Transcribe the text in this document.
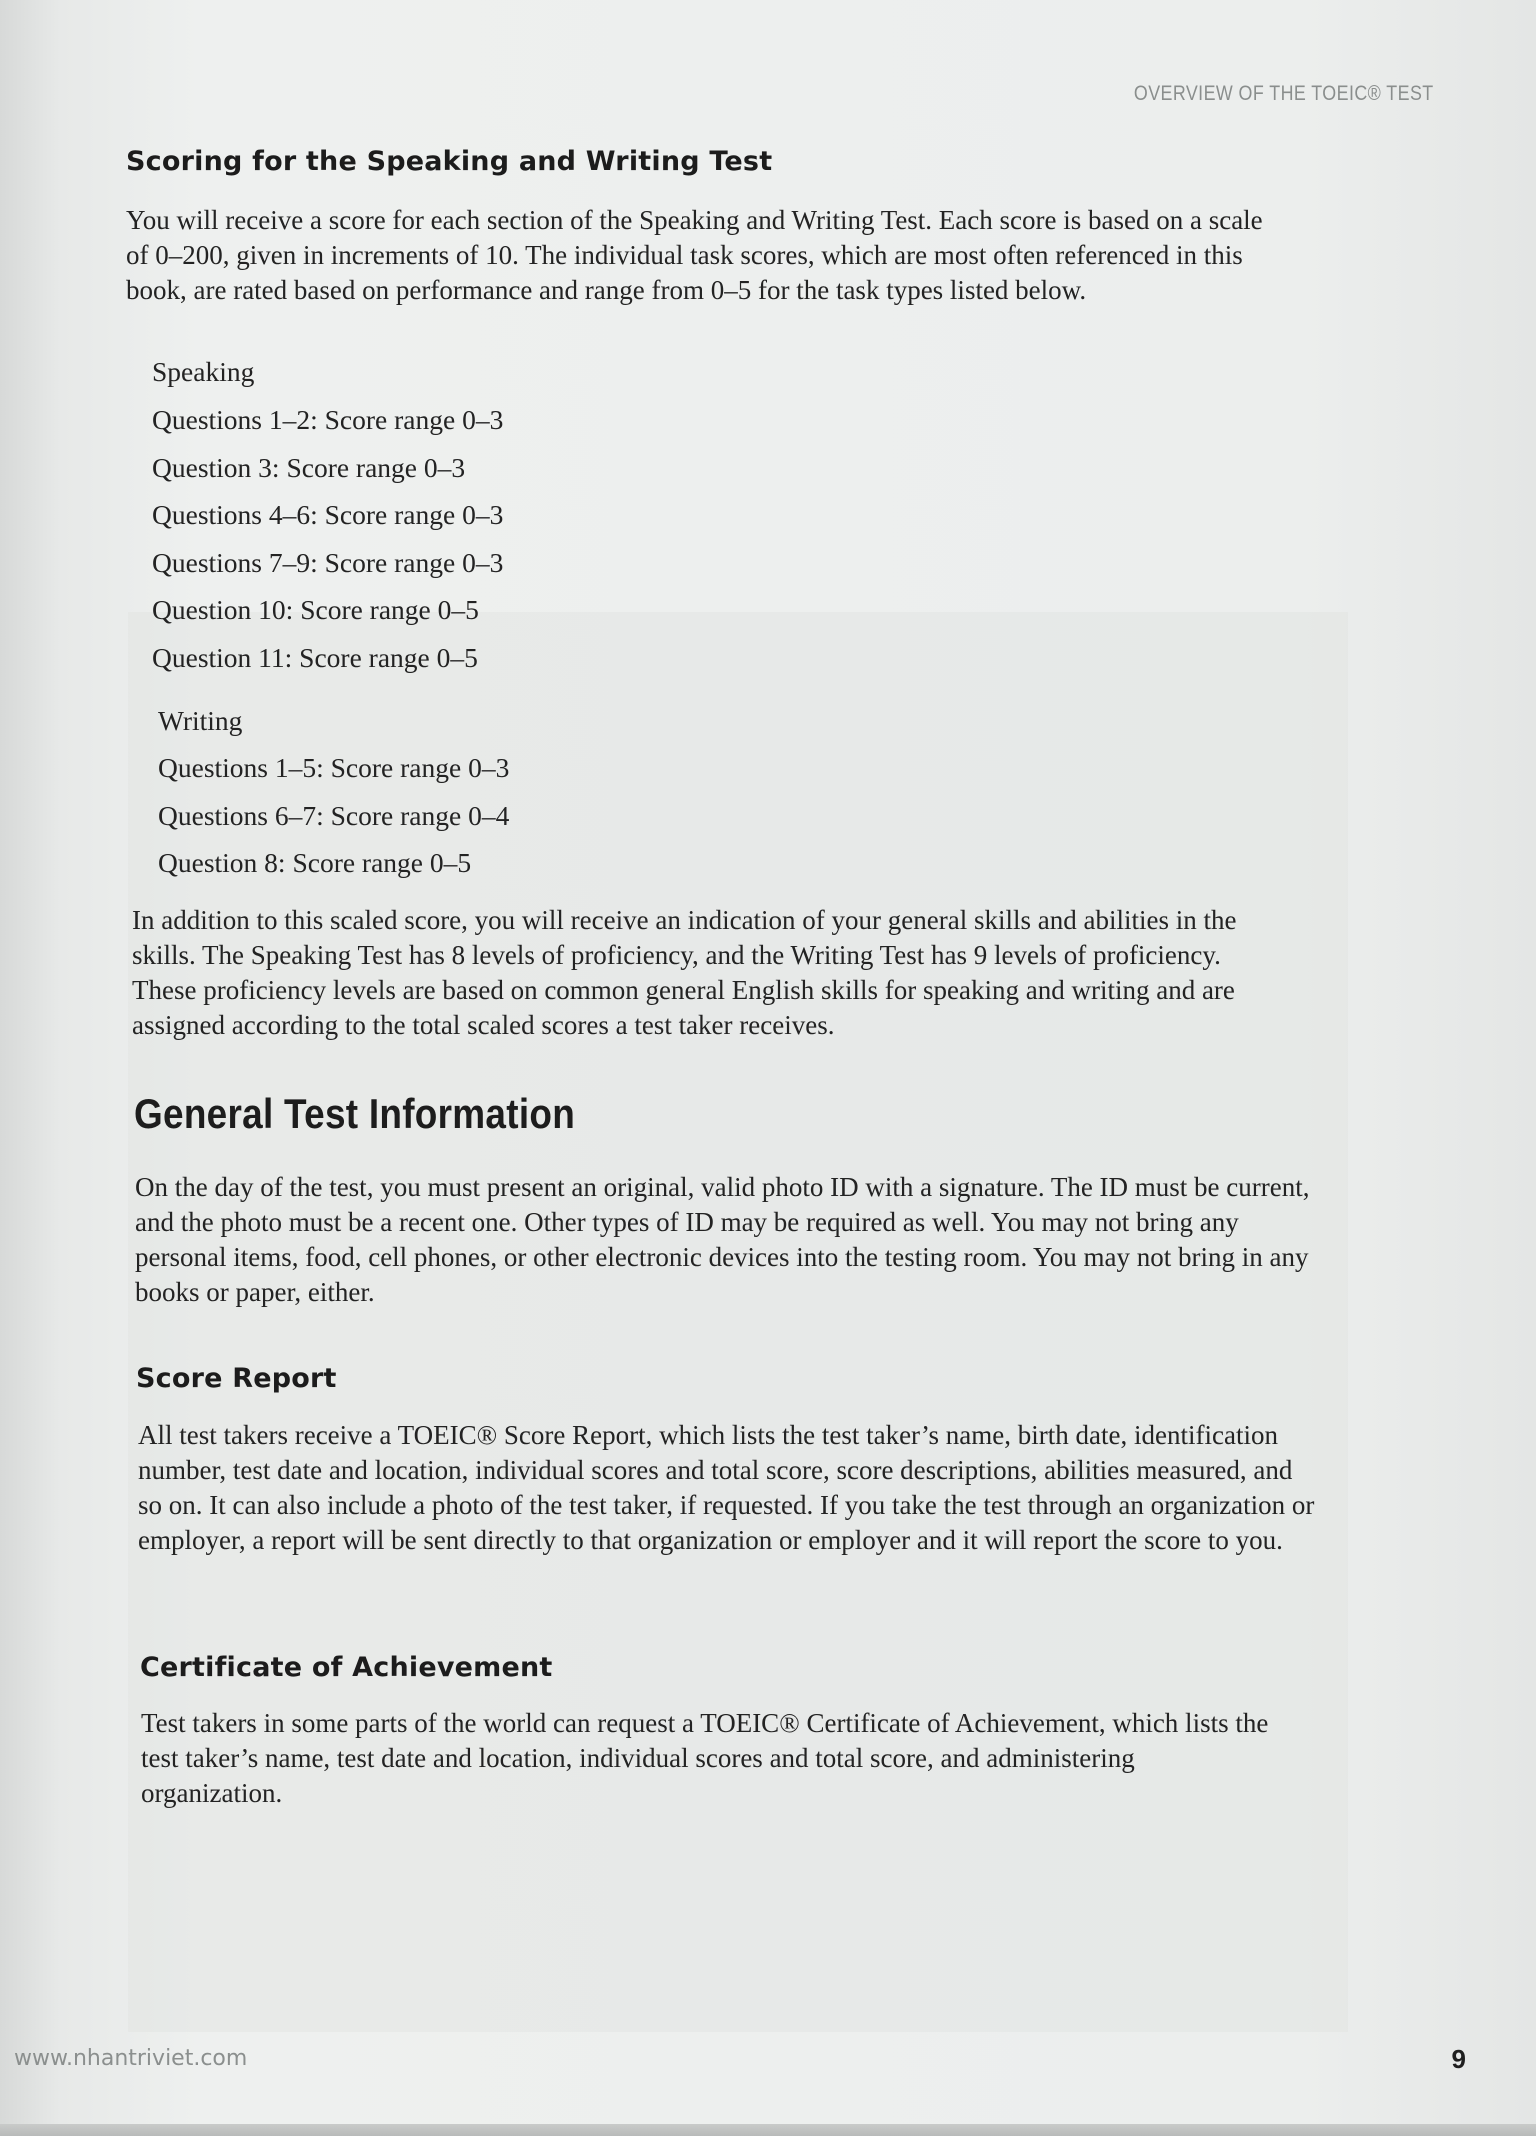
OVERVIEW OF THE TOEIC® TEST
Scoring for the Speaking and Writing Test

You will receive a score for each section of the Speaking and Writing Test. Each score is based on a scale of 0–200, given in increments of 10. The individual task scores, which are most often referenced in this book, are rated based on performance and range from 0–5 for the task types listed below.

Speaking
Questions 1–2: Score range 0–3
Question 3: Score range 0–3
Questions 4–6: Score range 0–3
Questions 7–9: Score range 0–3
Question 10: Score range 0–5
Question 11: Score range 0–5
Writing
Questions 1–5: Score range 0–3
Questions 6–7: Score range 0–4
Question 8: Score range 0–5

In addition to this scaled score, you will receive an indication of your general skills and abilities in the skills. The Speaking Test has 8 levels of proficiency, and the Writing Test has 9 levels of proficiency. These proficiency levels are based on common general English skills for speaking and writing and are assigned according to the total scaled scores a test taker receives.

General Test Information

On the day of the test, you must present an original, valid photo ID with a signature. The ID must be current, and the photo must be a recent one. Other types of ID may be required as well. You may not bring any personal items, food, cell phones, or other electronic devices into the testing room. You may not bring in any books or paper, either.

Score Report

All test takers receive a TOEIC® Score Report, which lists the test taker’s name, birth date, identification number, test date and location, individual scores and total score, score descriptions, abilities measured, and so on. It can also include a photo of the test taker, if requested. If you take the test through an organization or employer, a report will be sent directly to that organization or employer and it will report the score to you.

Certificate of Achievement

Test takers in some parts of the world can request a TOEIC® Certificate of Achievement, which lists the test taker’s name, test date and location, individual scores and total score, and administering organization.

www.nhantriviet.com	9
